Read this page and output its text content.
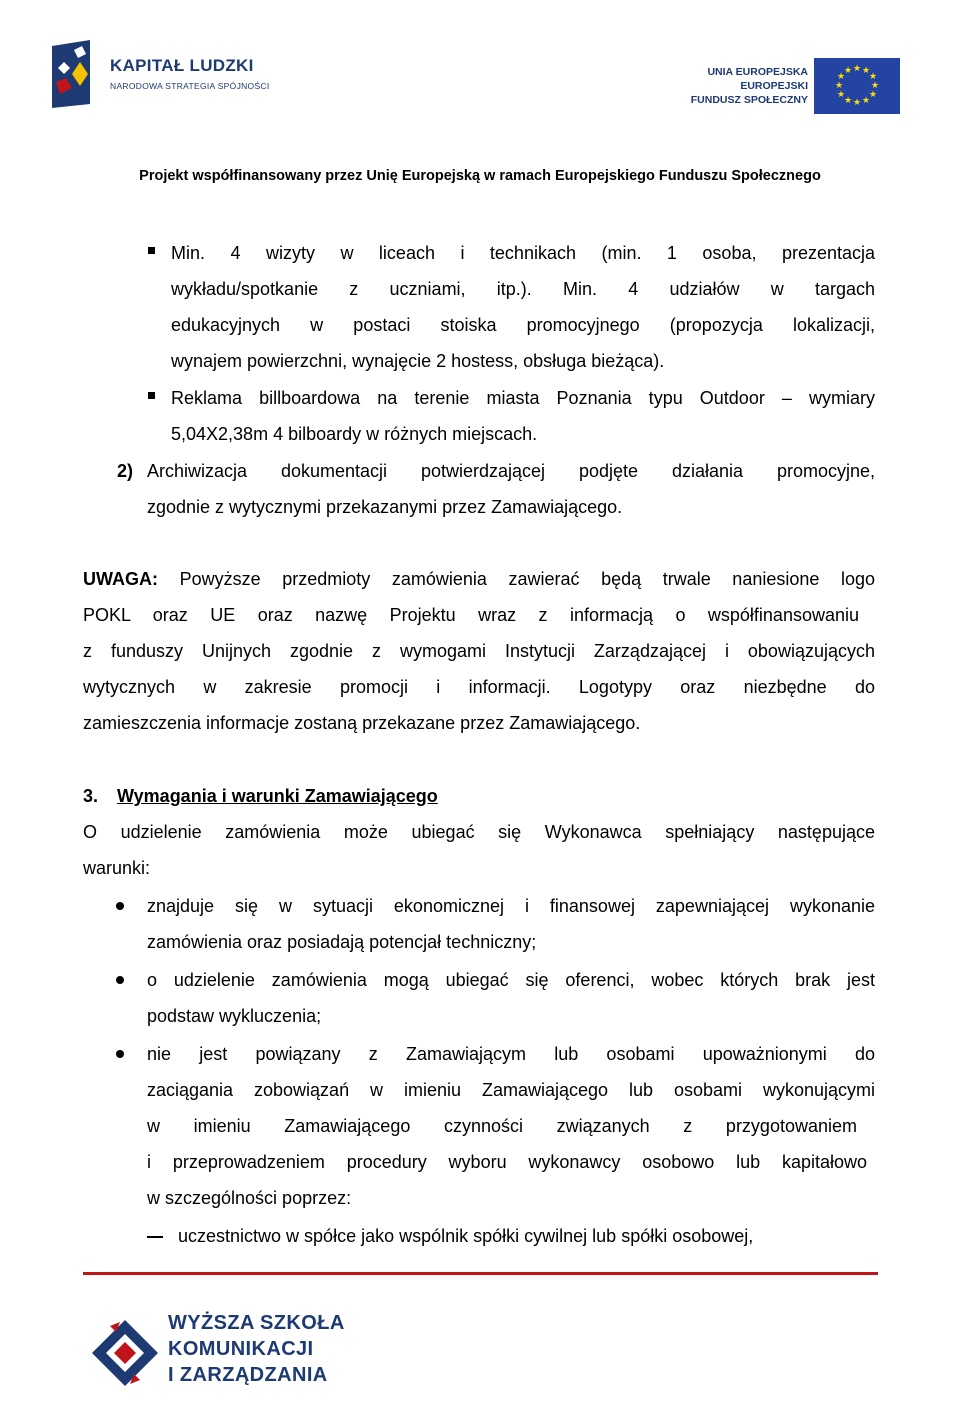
KAPITAŁ LUDZKI
NARODOWA STRATEGIA SPÓJNOŚCI
UNIA EUROPEJSKA
EUROPEJSKI
FUNDUSZ SPOŁECZNY
★ ★
★
★
★
★
★
★
★
★
★
★
Projekt współfinansowany przez Unię Europejską w ramach Europejskiego Funduszu Społecznego
Min. 4 wizyty w liceach i technikach (min. 1 osoba, prezentacja
wykładu/spotkanie z uczniami, itp.). Min. 4 udziałów w targach
edukacyjnych w postaci stoiska promocyjnego (propozycja lokalizacji,
wynajem powierzchni, wynajęcie 2 hostess, obsługa bieżąca).
Reklama billboardowa na terenie miasta Poznania typu Outdoor – wymiary
5,04X2,38m 4 bilboardy w różnych miejscach.
2) Archiwizacja dokumentacji potwierdzającej podjęte działania promocyjne,
zgodnie z wytycznymi przekazanymi przez Zamawiającego.
UWAGA: Powyższe przedmioty zamówienia zawierać będą trwale naniesione logo
POKL oraz UE oraz nazwę Projektu wraz z informacją o współfinansowaniu
z funduszy Unijnych zgodnie z wymogami Instytucji Zarządzającej i obowiązujących
wytycznych w zakresie promocji i informacji. Logotypy oraz niezbędne do
zamieszczenia informacje zostaną przekazane przez Zamawiającego.
3. Wymagania i warunki Zamawiającego
O udzielenie zamówienia może ubiegać się Wykonawca spełniający następujące
warunki:
znajduje się w sytuacji ekonomicznej i finansowej zapewniającej wykonanie
zamówienia oraz posiadają potencjał techniczny;
o udzielenie zamówienia mogą ubiegać się oferenci, wobec których brak jest
podstaw wykluczenia;
nie jest powiązany z Zamawiającym lub osobami upoważnionymi do
zaciągania zobowiązań w imieniu Zamawiającego lub osobami wykonującymi
w imieniu Zamawiającego czynności związanych z przygotowaniem
i przeprowadzeniem procedury wyboru wykonawcy osobowo lub kapitałowo
w szczególności poprzez:
uczestnictwo w spółce jako wspólnik spółki cywilnej lub spółki osobowej,
WYŻSZA SZKOŁA
KOMUNIKACJI
I ZARZĄDZANIA
